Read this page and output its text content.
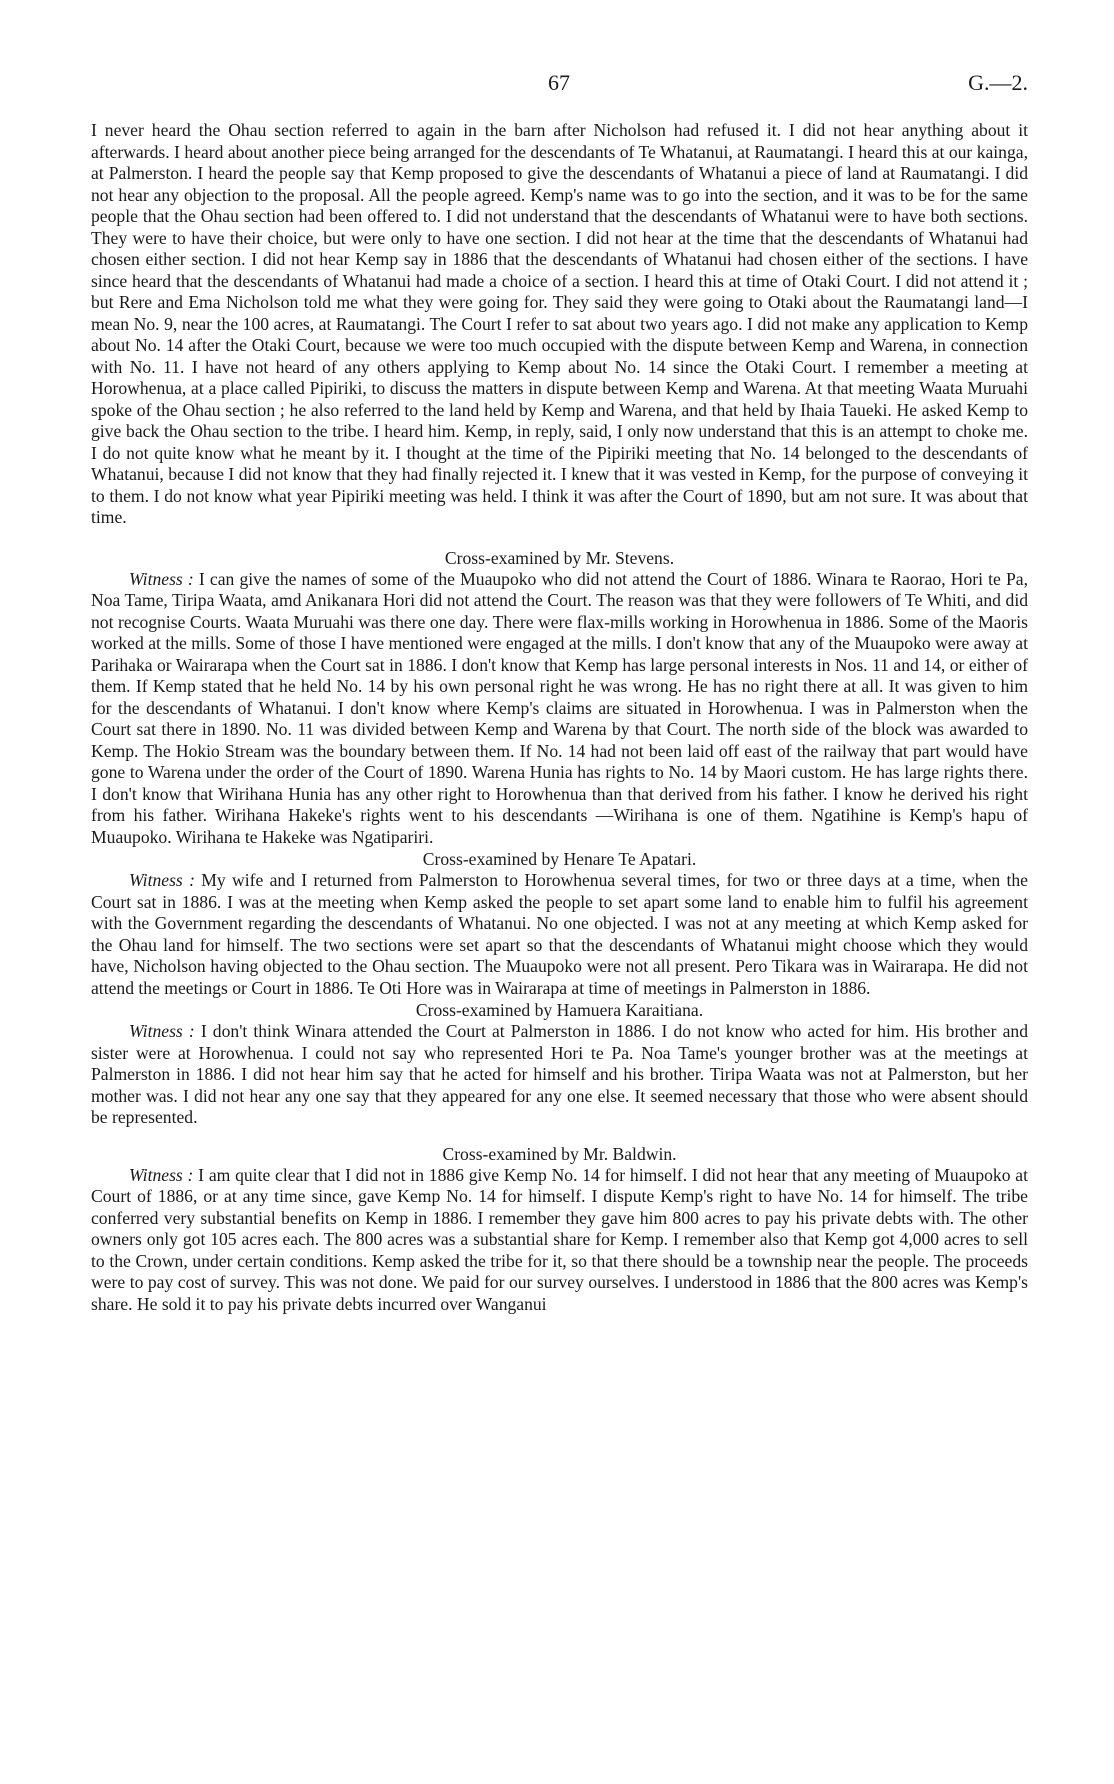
67	G.—2.

I never heard the Ohau section referred to again in the barn after Nicholson had refused it. I did not hear anything about it afterwards. I heard about another piece being arranged for the descendants of Te Whatanui, at Raumatangi. I heard this at our kainga, at Palmerston. I heard the people say that Kemp proposed to give the descendants of Whatanui a piece of land at Raumatangi. I did not hear any objection to the proposal. All the people agreed. Kemp's name was to go into the section, and it was to be for the same people that the Ohau section had been offered to. I did not understand that the descendants of Whatanui were to have both sections. They were to have their choice, but were only to have one section. I did not hear at the time that the descendants of Whatanui had chosen either section. I did not hear Kemp say in 1886 that the descendants of Whatanui had chosen either of the sections. I have since heard that the descendants of Whatanui had made a choice of a section. I heard this at time of Otaki Court. I did not attend it ; but Rere and Ema Nicholson told me what they were going for. They said they were going to Otaki about the Raumatangi land—I mean No. 9, near the 100 acres, at Raumatangi. The Court I refer to sat about two years ago. I did not make any application to Kemp about No. 14 after the Otaki Court, because we were too much occupied with the dispute between Kemp and Warena, in connection with No. 11. I have not heard of any others applying to Kemp about No. 14 since the Otaki Court. I remember a meeting at Horowhenua, at a place called Pipiriki, to discuss the matters in dispute between Kemp and Warena. At that meeting Waata Muruahi spoke of the Ohau section ; he also referred to the land held by Kemp and Warena, and that held by Ihaia Taueki. He asked Kemp to give back the Ohau section to the tribe. I heard him. Kemp, in reply, said, I only now understand that this is an attempt to choke me. I do not quite know what he meant by it. I thought at the time of the Pipiriki meeting that No. 14 belonged to the descendants of Whatanui, because I did not know that they had finally rejected it. I knew that it was vested in Kemp, for the purpose of conveying it to them. I do not know what year Pipiriki meeting was held. I think it was after the Court of 1890, but am not sure. It was about that time.

Cross-examined by Mr. Stevens.

Witness : I can give the names of some of the Muaupoko who did not attend the Court of 1886. Winara te Raorao, Hori te Pa, Noa Tame, Tiripa Waata, amd Anikanara Hori did not attend the Court. The reason was that they were followers of Te Whiti, and did not recognise Courts. Waata Muruahi was there one day. There were flax-mills working in Horowhenua in 1886. Some of the Maoris worked at the mills. Some of those I have mentioned were engaged at the mills. I don't know that any of the Muaupoko were away at Parihaka or Wairarapa when the Court sat in 1886. I don't know that Kemp has large personal interests in Nos. 11 and 14, or either of them. If Kemp stated that he held No. 14 by his own personal right he was wrong. He has no right there at all. It was given to him for the descendants of Whatanui. I don't know where Kemp's claims are situated in Horowhenua. I was in Palmerston when the Court sat there in 1890. No. 11 was divided between Kemp and Warena by that Court. The north side of the block was awarded to Kemp. The Hokio Stream was the boundary between them. If No. 14 had not been laid off east of the railway that part would have gone to Warena under the order of the Court of 1890. Warena Hunia has rights to No. 14 by Maori custom. He has large rights there. I don't know that Wirihana Hunia has any other right to Horowhenua than that derived from his father. I know he derived his right from his father. Wirihana Hakeke's rights went to his descendants —Wirihana is one of them. Ngatihine is Kemp's hapu of Muaupoko. Wirihana te Hakeke was Ngatipariri.

Cross-examined by Henare Te Apatari.

Witness : My wife and I returned from Palmerston to Horowhenua several times, for two or three days at a time, when the Court sat in 1886. I was at the meeting when Kemp asked the people to set apart some land to enable him to fulfil his agreement with the Government regarding the descendants of Whatanui. No one objected. I was not at any meeting at which Kemp asked for the Ohau land for himself. The two sections were set apart so that the descendants of Whatanui might choose which they would have, Nicholson having objected to the Ohau section. The Muaupoko were not all present. Pero Tikara was in Wairarapa. He did not attend the meetings or Court in 1886. Te Oti Hore was in Wairarapa at time of meetings in Palmerston in 1886.

Cross-examined by Hamuera Karaitiana.

Witness : I don't think Winara attended the Court at Palmerston in 1886. I do not know who acted for him. His brother and sister were at Horowhenua. I could not say who represented Hori te Pa. Noa Tame's younger brother was at the meetings at Palmerston in 1886. I did not hear him say that he acted for himself and his brother. Tiripa Waata was not at Palmerston, but her mother was. I did not hear any one say that they appeared for any one else. It seemed necessary that those who were absent should be represented.

Cross-examined by Mr. Baldwin.

Witness : I am quite clear that I did not in 1886 give Kemp No. 14 for himself. I did not hear that any meeting of Muaupoko at Court of 1886, or at any time since, gave Kemp No. 14 for himself. I dispute Kemp's right to have No. 14 for himself. The tribe conferred very substantial benefits on Kemp in 1886. I remember they gave him 800 acres to pay his private debts with. The other owners only got 105 acres each. The 800 acres was a substantial share for Kemp. I remember also that Kemp got 4,000 acres to sell to the Crown, under certain conditions. Kemp asked the tribe for it, so that there should be a township near the people. The proceeds were to pay cost of survey. This was not done. We paid for our survey ourselves. I understood in 1886 that the 800 acres was Kemp's share. He sold it to pay his private debts incurred over Wanganui
